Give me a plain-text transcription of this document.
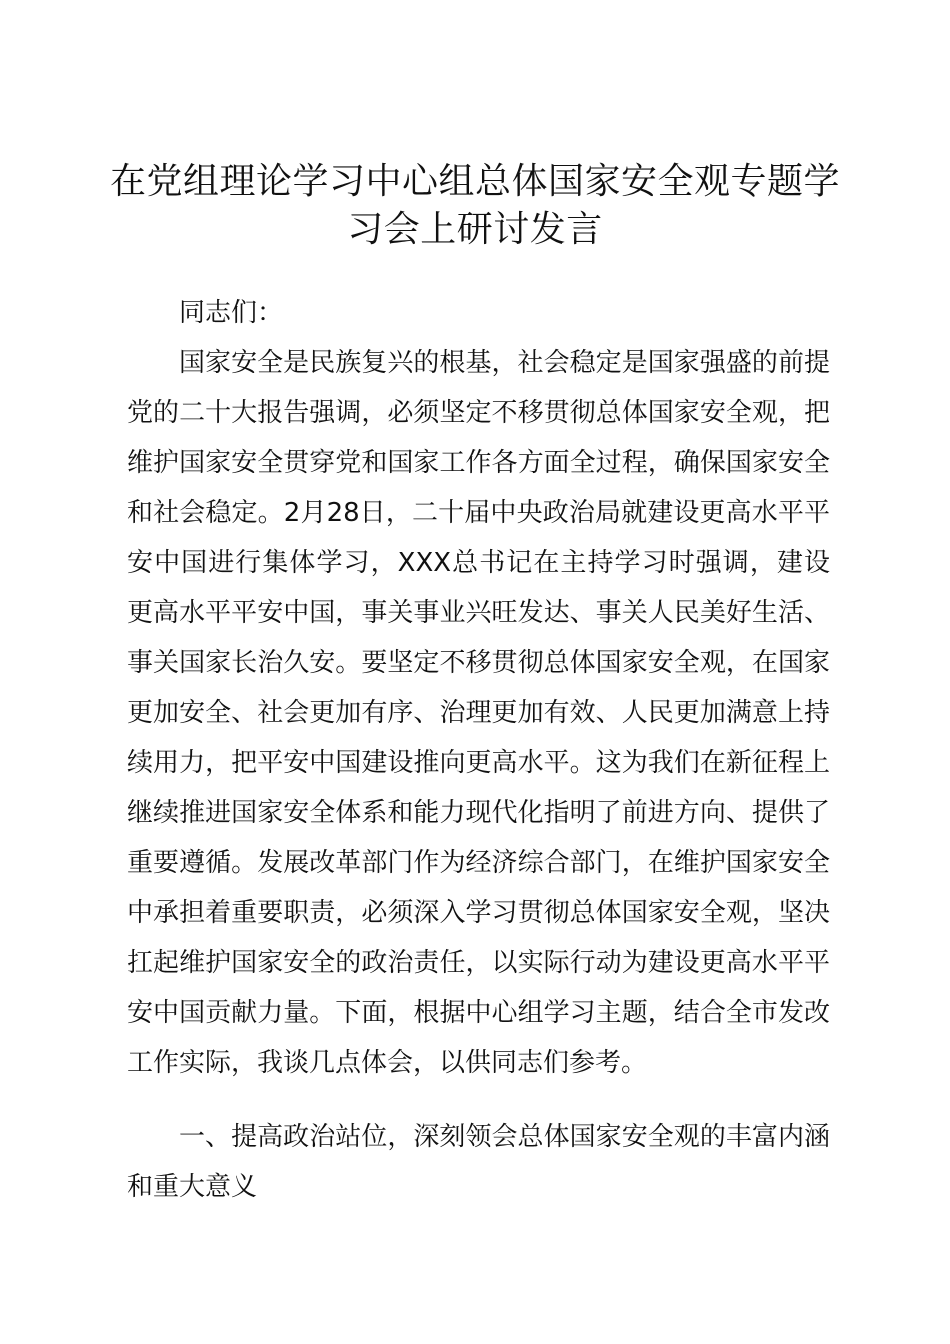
在党组理论学习中心组总体国家安全观专题学习会上研讨发言

同志们：

国家安全是民族复兴的根基，社会稳定是国家强盛的前提党的二十大报告强调，必须坚定不移贯彻总体国家安全观，把维护国家安全贯穿党和国家工作各方面全过程，确保国家安全和社会稳定。2月28日，二十届中央政治局就建设更高水平平安中国进行集体学习，XXX总书记在主持学习时强调，建设更高水平平安中国，事关事业兴旺发达、事关人民美好生活、事关国家长治久安。要坚定不移贯彻总体国家安全观，在国家更加安全、社会更加有序、治理更加有效、人民更加满意上持续用力，把平安中国建设推向更高水平。这为我们在新征程上继续推进国家安全体系和能力现代化指明了前进方向、提供了重要遵循。发展改革部门作为经济综合部门，在维护国家安全中承担着重要职责，必须深入学习贯彻总体国家安全观，坚决扛起维护国家安全的政治责任，以实际行动为建设更高水平平安中国贡献力量。下面，根据中心组学习主题，结合全市发改工作实际，我谈几点体会，以供同志们参考。

一、提高政治站位，深刻领会总体国家安全观的丰富内涵和重大意义
